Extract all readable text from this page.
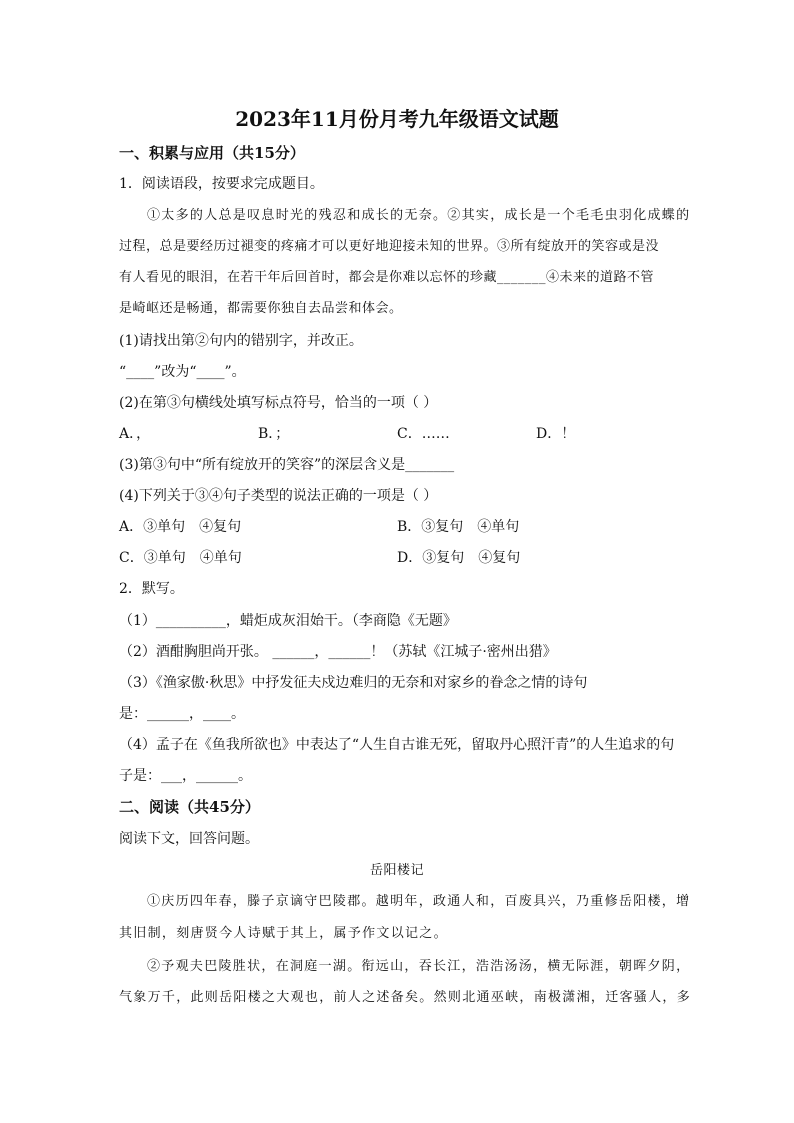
2023年11月份月考九年级语文试题
一、积累与应用（共15分）
1．阅读语段，按要求完成题目。
①太多的人总是叹息时光的残忍和成长的无奈。②其实，成长是一个毛毛虫羽化成蝶的
过程，总是要经历过褪变的疼痛才可以更好地迎接未知的世界。③所有绽放开的笑容或是没
有人看见的眼泪，在若干年后回首时，都会是你难以忘怀的珍藏_______④未来的道路不管
是崎岖还是畅通，都需要你独自去品尝和体会。
(1)请找出第②句内的错别字，并改正。
“____”改为“____”。
(2)在第③句横线处填写标点符号，恰当的一项（ ）
A．，	B．；	C．……	D．！
(3)第③句中“所有绽放开的笑容”的深层含义是_______
(4)下列关于③④句子类型的说法正确的一项是（ ）
A．③单句　④复句	B．③复句　④单句
C．③单句　④单句	D．③复句　④复句
2．默写。
（1）__________，蜡炬成灰泪始干。（李商隐《无题》
（2）酒酣胸胆尚开张。 ______，______！（苏轼《江城子·密州出猎》
（3）《渔家傲·秋思》中抒发征夫戍边难归的无奈和对家乡的眷念之情的诗句
是：______，____。
（4）孟子在《鱼我所欲也》中表达了“人生自古谁无死，留取丹心照汗青”的人生追求的句
子是：___，______。
二、阅读（共45分）
阅读下文，回答问题。
岳阳楼记
①庆历四年春，滕子京谪守巴陵郡。越明年，政通人和，百废具兴，乃重修岳阳楼，增
其旧制，刻唐贤今人诗赋于其上，属予作文以记之。
②予观夫巴陵胜状，在洞庭一湖。衔远山，吞长江，浩浩汤汤，横无际涯，朝晖夕阴，
气象万千，此则岳阳楼之大观也，前人之述备矣。然则北通巫峡，南极潇湘，迁客骚人，多
